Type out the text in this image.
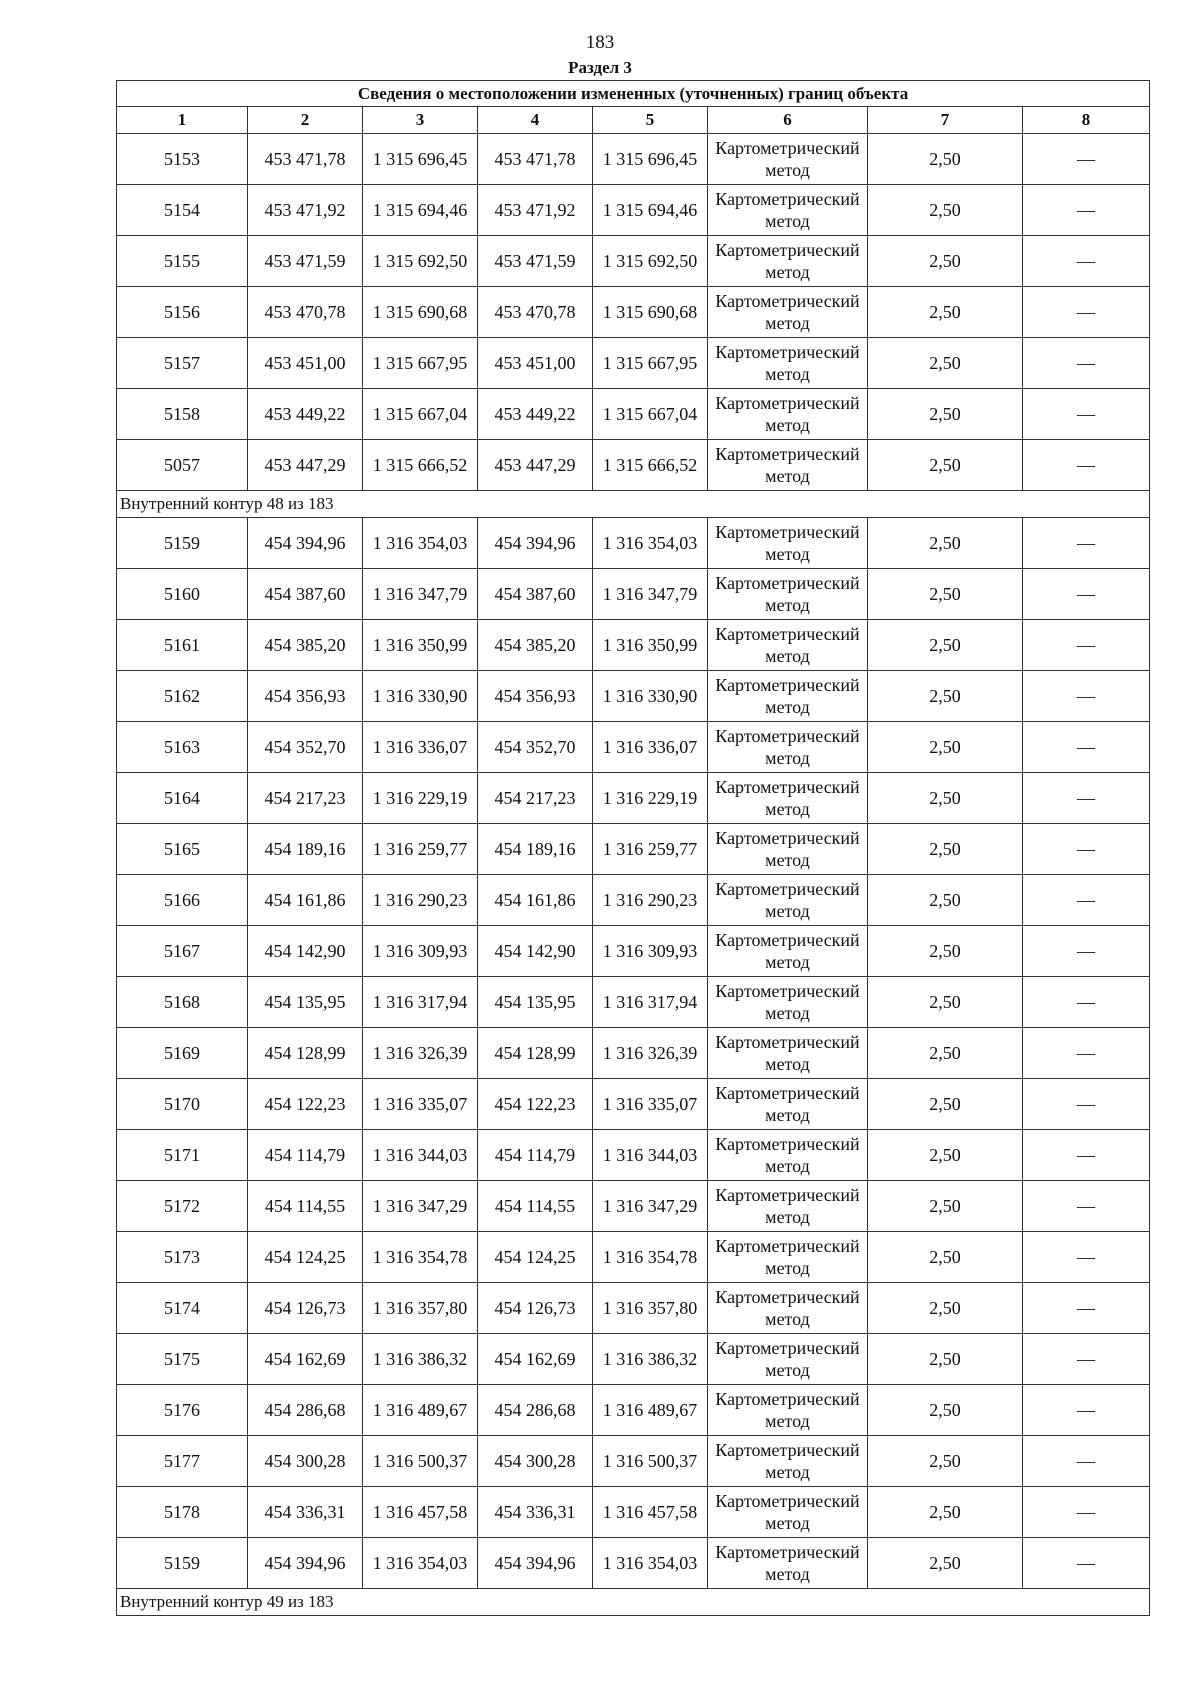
183
Раздел 3
Сведения о местоположении измененных (уточненных) границ объекта							
1	2	3	4	5	6	7	8
5153	453 471,78	1 315 696,45	453 471,78	1 315 696,45	Картометрический метод	2,50	—
5154	453 471,92	1 315 694,46	453 471,92	1 315 694,46	Картометрический метод	2,50	—
5155	453 471,59	1 315 692,50	453 471,59	1 315 692,50	Картометрический метод	2,50	—
5156	453 470,78	1 315 690,68	453 470,78	1 315 690,68	Картометрический метод	2,50	—
5157	453 451,00	1 315 667,95	453 451,00	1 315 667,95	Картометрический метод	2,50	—
5158	453 449,22	1 315 667,04	453 449,22	1 315 667,04	Картометрический метод	2,50	—
5057	453 447,29	1 315 666,52	453 447,29	1 315 666,52	Картометрический метод	2,50	—
Внутренний контур 48 из 183							
5159	454 394,96	1 316 354,03	454 394,96	1 316 354,03	Картометрический метод	2,50	—
5160	454 387,60	1 316 347,79	454 387,60	1 316 347,79	Картометрический метод	2,50	—
5161	454 385,20	1 316 350,99	454 385,20	1 316 350,99	Картометрический метод	2,50	—
5162	454 356,93	1 316 330,90	454 356,93	1 316 330,90	Картометрический метод	2,50	—
5163	454 352,70	1 316 336,07	454 352,70	1 316 336,07	Картометрический метод	2,50	—
5164	454 217,23	1 316 229,19	454 217,23	1 316 229,19	Картометрический метод	2,50	—
5165	454 189,16	1 316 259,77	454 189,16	1 316 259,77	Картометрический метод	2,50	—
5166	454 161,86	1 316 290,23	454 161,86	1 316 290,23	Картометрический метод	2,50	—
5167	454 142,90	1 316 309,93	454 142,90	1 316 309,93	Картометрический метод	2,50	—
5168	454 135,95	1 316 317,94	454 135,95	1 316 317,94	Картометрический метод	2,50	—
5169	454 128,99	1 316 326,39	454 128,99	1 316 326,39	Картометрический метод	2,50	—
5170	454 122,23	1 316 335,07	454 122,23	1 316 335,07	Картометрический метод	2,50	—
5171	454 114,79	1 316 344,03	454 114,79	1 316 344,03	Картометрический метод	2,50	—
5172	454 114,55	1 316 347,29	454 114,55	1 316 347,29	Картометрический метод	2,50	—
5173	454 124,25	1 316 354,78	454 124,25	1 316 354,78	Картометрический метод	2,50	—
5174	454 126,73	1 316 357,80	454 126,73	1 316 357,80	Картометрический метод	2,50	—
5175	454 162,69	1 316 386,32	454 162,69	1 316 386,32	Картометрический метод	2,50	—
5176	454 286,68	1 316 489,67	454 286,68	1 316 489,67	Картометрический метод	2,50	—
5177	454 300,28	1 316 500,37	454 300,28	1 316 500,37	Картометрический метод	2,50	—
5178	454 336,31	1 316 457,58	454 336,31	1 316 457,58	Картометрический метод	2,50	—
5159	454 394,96	1 316 354,03	454 394,96	1 316 354,03	Картометрический метод	2,50	—
Внутренний контур 49 из 183							
